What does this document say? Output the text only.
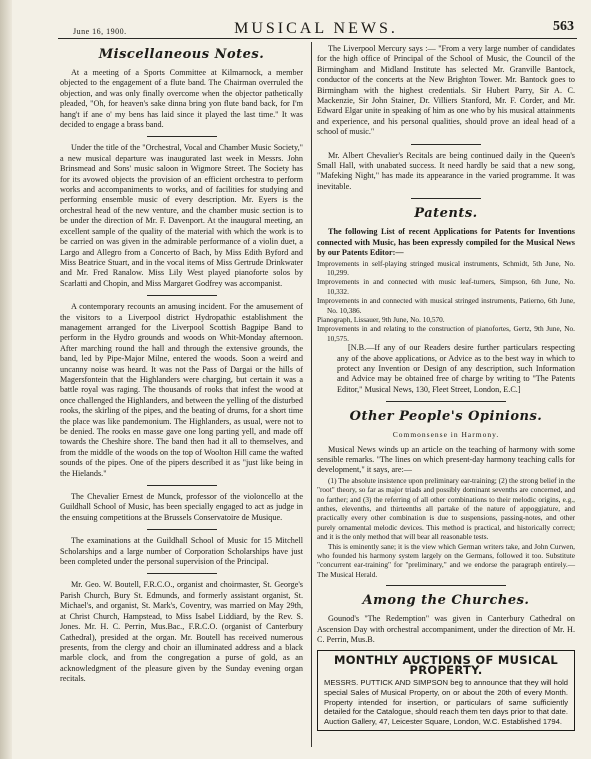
June 16, 1900.	MUSICAL NEWS.	563
Miscellaneous Notes.

At a meeting of a Sports Committee at Kilmarnock, a member objected to the engagement of a flute band. The Chairman overruled the objection, and was only finally overcome when the objector pathetically pleaded, "Oh, for heaven's sake dinna bring yon flute band back, for I'm hang't if ane o' my bens has laid since it played the last time." It was decided to engage a brass band.

Under the title of the "Orchestral, Vocal and Chamber Music Society," a new musical departure was inaugurated last week in Messrs. John Brinsmead and Sons' music saloon in Wigmore Street. The Society has for its avowed objects the provision of an efficient orchestra to perform works and accompaniments to works, and of facilities for studying and performing ensemble music of every description. Mr. Eyers is the orchestral head of the new venture, and the chamber music section is to be under the direction of Mr. F. Davenport. At the inaugural meeting, an excellent sample of the quality of the material with which the work is to be carried on was given in the admirable performance of a violin duet, a Largo and Allegro from a Concerto of Bach, by Miss Edith Byford and Miss Beatrice Stuart, and in the vocal items of Miss Gertrude Drinkwater and Mr. Fred Ranalow. Miss Lily West played pianoforte solos by Scarlatti and Chopin, and Miss Margaret Godfrey was accompanist.

A contemporary recounts an amusing incident. For the amusement of the visitors to a Liverpool district Hydropathic establishment the management arranged for the Liverpool Scottish Bagpipe Band to perform in the Hydro grounds and woods on Whit-Monday afternoon. After marching round the hall and through the extensive grounds, the band, led by Pipe-Major Milne, entered the woods. Soon a weird and uncanny noise was heard. It was not the Pass of Dargai or the hills of Magersfontein that the Highlanders were charging, but certain it was a battle royal was raging. The thousands of rooks that infest the wood at once challenged the Highlanders, and between the yelling of the disturbed rooks, the skirling of the pipes, and the beating of drums, for a short time the place was like pandemonium. The Highlanders, as usual, were not to be denied. The rooks en masse gave one long parting yell, and made off towards the Cheshire shore. The band then had it all to themselves, and from the middle of the woods on the top of Woolton Hill came the wafted sounds of the pipes. One of the pipers described it as "just like being in the Hielands."

The Chevalier Ernest de Munck, professor of the violoncello at the Guildhall School of Music, has been specially engaged to act as judge in the ensuing competitions at the Brussels Conservatoire de Musique.

The examinations at the Guildhall School of Music for 15 Mitchell Scholarships and a large number of Corporation Scholarships have just been completed under the personal supervision of the Principal.

Mr. Geo. W. Boutell, F.R.C.O., organist and choirmaster, St. George's Parish Church, Bury St. Edmunds, and formerly assistant organist, St. Michael's, and organist, St. Mark's, Coventry, was married on May 29th, at Christ Church, Hampstead, to Miss Isabel Liddiard, by the Rev. S. Jones. Mr. H. C. Perrin, Mus.Bac., F.R.C.O. (organist of Canterbury Cathedral), presided at the organ. Mr. Boutell has received numerous presents, from the clergy and choir an illuminated address and a black marble clock, and from the congregation a purse of gold, as an acknowledgment of the pleasure given by the Sunday evening organ recitals.

The Liverpool Mercury says :— "From a very large number of candidates for the high office of Principal of the School of Music, the Council of the Birmingham and Midland Institute has selected Mr. Granville Bantock, conductor of the concerts at the New Brighton Tower. Mr. Bantock goes to Birmingham with the highest credentials. Sir Hubert Parry, Sir A. C. Mackenzie, Sir John Stainer, Dr. Villiers Stanford, Mr. F. Corder, and Mr. Edward Elgar unite in speaking of him as one who by his musical attainments and experience, and his personal qualities, should prove an ideal head of a school of music."

Mr. Albert Chevalier's Recitals are being continued daily in the Queen's Small Hall, with unabated success. It need hardly be said that a new song, "Mafeking Night," has made its appearance in the varied programme. It was inevitable.

Patents.

The following List of recent Applications for Patents for Inventions connected with Music, has been expressly compiled for the Musical News by our Patents Editor:—

Improvements in self-playing stringed musical instruments, Schmidt, 5th June, No. 10,299.

Improvements in and connected with music leaf-turners, Simpson, 6th June, No. 10,332.

Improvements in and connected with musical stringed instruments, Patierno, 6th June, No. 10,386.

Pianograph, Lissauer, 9th June, No. 10,570.

Improvements in and relating to the construction of pianofortes, Gertz, 9th June, No. 10,575.

[N.B.—If any of our Readers desire further particulars respecting any of the above applications, or Advice as to the best way in which to protect any Invention or Design of any description, such Information and Advice may be obtained free of charge by writing to "The Patents Editor," Musical News, 130, Fleet Street, London, E.C.]

Other People's Opinions.
Commonsense in Harmony.

Musical News winds up an article on the teaching of harmony with some sensible remarks. "The lines on which present-day harmony teaching calls for development," it says, are:—

(1) The absolute insistence upon preliminary ear-training; (2) the strong belief in the "root" theory, so far as major triads and possibly dominant sevenths are concerned, and no farther; and (3) the referring of all other combinations to their melodic origins, e.g., anthes, elevenths, and thirteenths all partake of the nature of appoggiature, and practically every other combination is due to suspensions, passing-notes, and other purely ornamental melodic devices. This method is practical, and historically correct; and it is the only method that will bear all reasonable tests.

This is eminently sane; it is the view which German writers take, and John Curwen, who founded his harmony system largely on the Germans, followed it too. Substitute "concurrent ear-training" for "preliminary," and we endorse the paragraph entirely.—The Musical Herald.

Among the Churches.

Gounod's "The Redemption" was given in Canterbury Cathedral on Ascension Day with orchestral accompaniment, under the direction of Mr. H. C. Perrin, Mus.B.

MONTHLY AUCTIONS OF MUSICAL PROPERTY.
MESSRS. PUTTICK AND SIMPSON beg to announce that they will hold special Sales of Musical Property, on or about the 20th of every Month. Property intended for insertion, or particulars of same sufficiently detailed for the Catalogue, should reach them ten days prior to that date. Auction Gallery, 47, Leicester Square, London, W.C. Established 1794.
